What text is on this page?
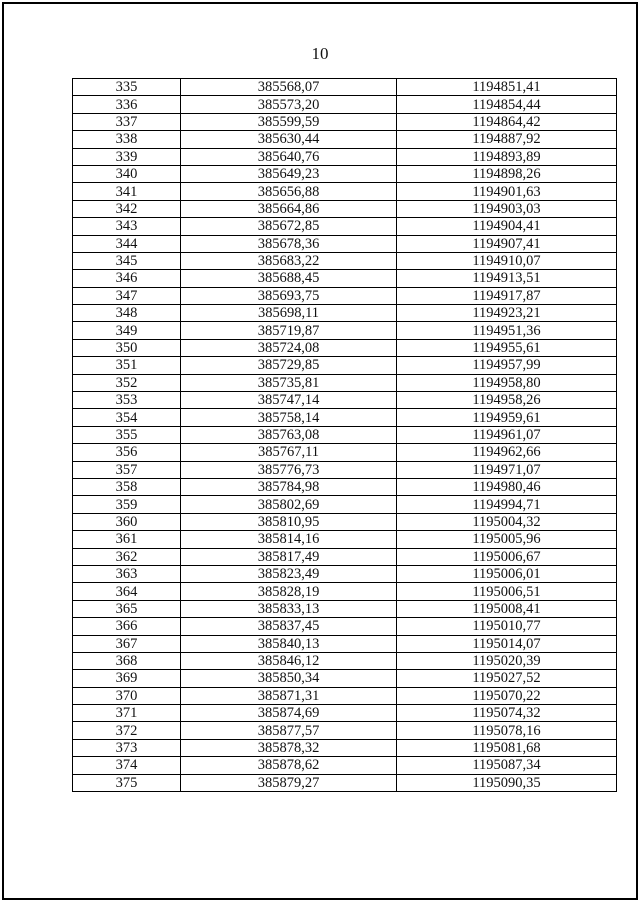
10
335	385568,07	1194851,41
336	385573,20	1194854,44
337	385599,59	1194864,42
338	385630,44	1194887,92
339	385640,76	1194893,89
340	385649,23	1194898,26
341	385656,88	1194901,63
342	385664,86	1194903,03
343	385672,85	1194904,41
344	385678,36	1194907,41
345	385683,22	1194910,07
346	385688,45	1194913,51
347	385693,75	1194917,87
348	385698,11	1194923,21
349	385719,87	1194951,36
350	385724,08	1194955,61
351	385729,85	1194957,99
352	385735,81	1194958,80
353	385747,14	1194958,26
354	385758,14	1194959,61
355	385763,08	1194961,07
356	385767,11	1194962,66
357	385776,73	1194971,07
358	385784,98	1194980,46
359	385802,69	1194994,71
360	385810,95	1195004,32
361	385814,16	1195005,96
362	385817,49	1195006,67
363	385823,49	1195006,01
364	385828,19	1195006,51
365	385833,13	1195008,41
366	385837,45	1195010,77
367	385840,13	1195014,07
368	385846,12	1195020,39
369	385850,34	1195027,52
370	385871,31	1195070,22
371	385874,69	1195074,32
372	385877,57	1195078,16
373	385878,32	1195081,68
374	385878,62	1195087,34
375	385879,27	1195090,35
